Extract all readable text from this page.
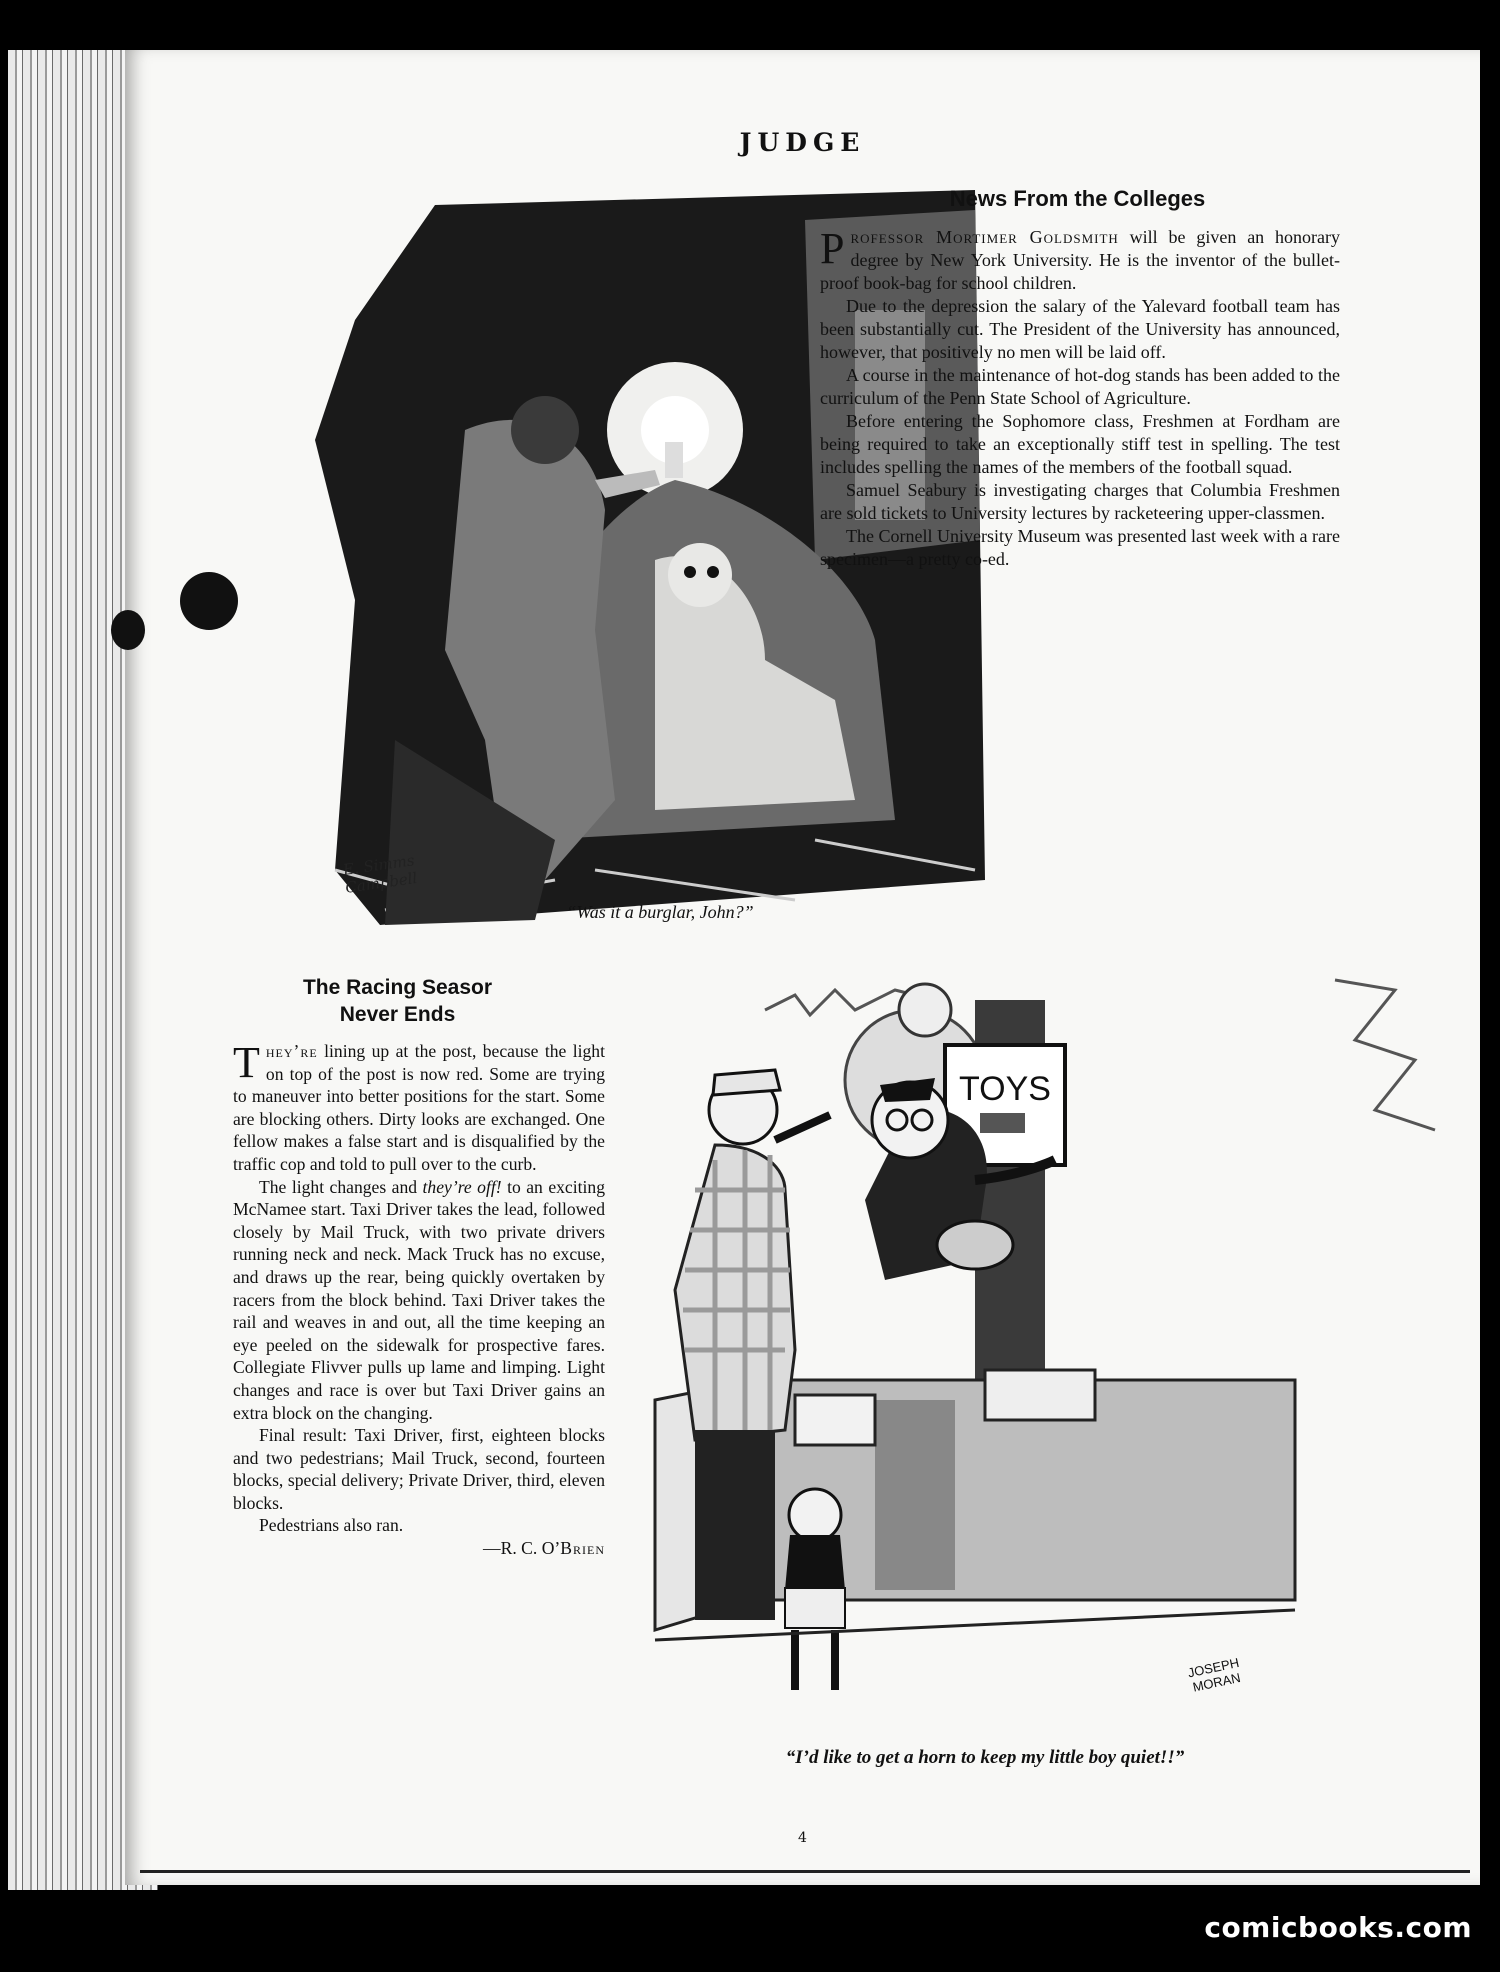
JUDGE
E. Simms Campbell
“Was it a burglar, John?”
News From the Colleges

Professor Mortimer Goldsmith will be given an honorary degree by New York University. He is the inventor of the bullet-proof book-bag for school children.

Due to the depression the salary of the Yalevard football team has been substantially cut. The President of the University has announced, however, that positively no men will be laid off.

A course in the maintenance of hot-dog stands has been added to the curriculum of the Penn State School of Agriculture.

Before entering the Sophomore class, Freshmen at Fordham are being required to take an exceptionally stiff test in spelling. The test includes spelling the names of the members of the football squad.

Samuel Seabury is investigating charges that Columbia Freshmen are sold tickets to University lectures by racketeering upper-classmen.

The Cornell University Museum was presented last week with a rare specimen—a pretty co-ed.

The Racing Seasor
Never Ends

They’re lining up at the post, because the light on top of the post is now red. Some are trying to maneuver into better positions for the start. Some are blocking others. Dirty looks are exchanged. One fellow makes a false start and is disqualified by the traffic cop and told to pull over to the curb.

The light changes and they’re off! to an exciting McNamee start. Taxi Driver takes the lead, followed closely by Mail Truck, with two private drivers running neck and neck. Mack Truck has no excuse, and draws up the rear, being quickly overtaken by racers from the block behind. Taxi Driver takes the rail and weaves in and out, all the time keeping an eye peeled on the sidewalk for prospective fares. Collegiate Flivver pulls up lame and limping. Light changes and race is over but Taxi Driver gains an extra block on the changing.

Final result: Taxi Driver, first, eighteen blocks and two pedestrians; Mail Truck, second, fourteen blocks, special delivery; Private Driver, third, eleven blocks.

Pedestrians also ran.

—R. C. O’Brien

TOYS
JOSEPH MORAN
“I’d like to get a horn to keep my little boy quiet!!”
4
comicbooks.com
